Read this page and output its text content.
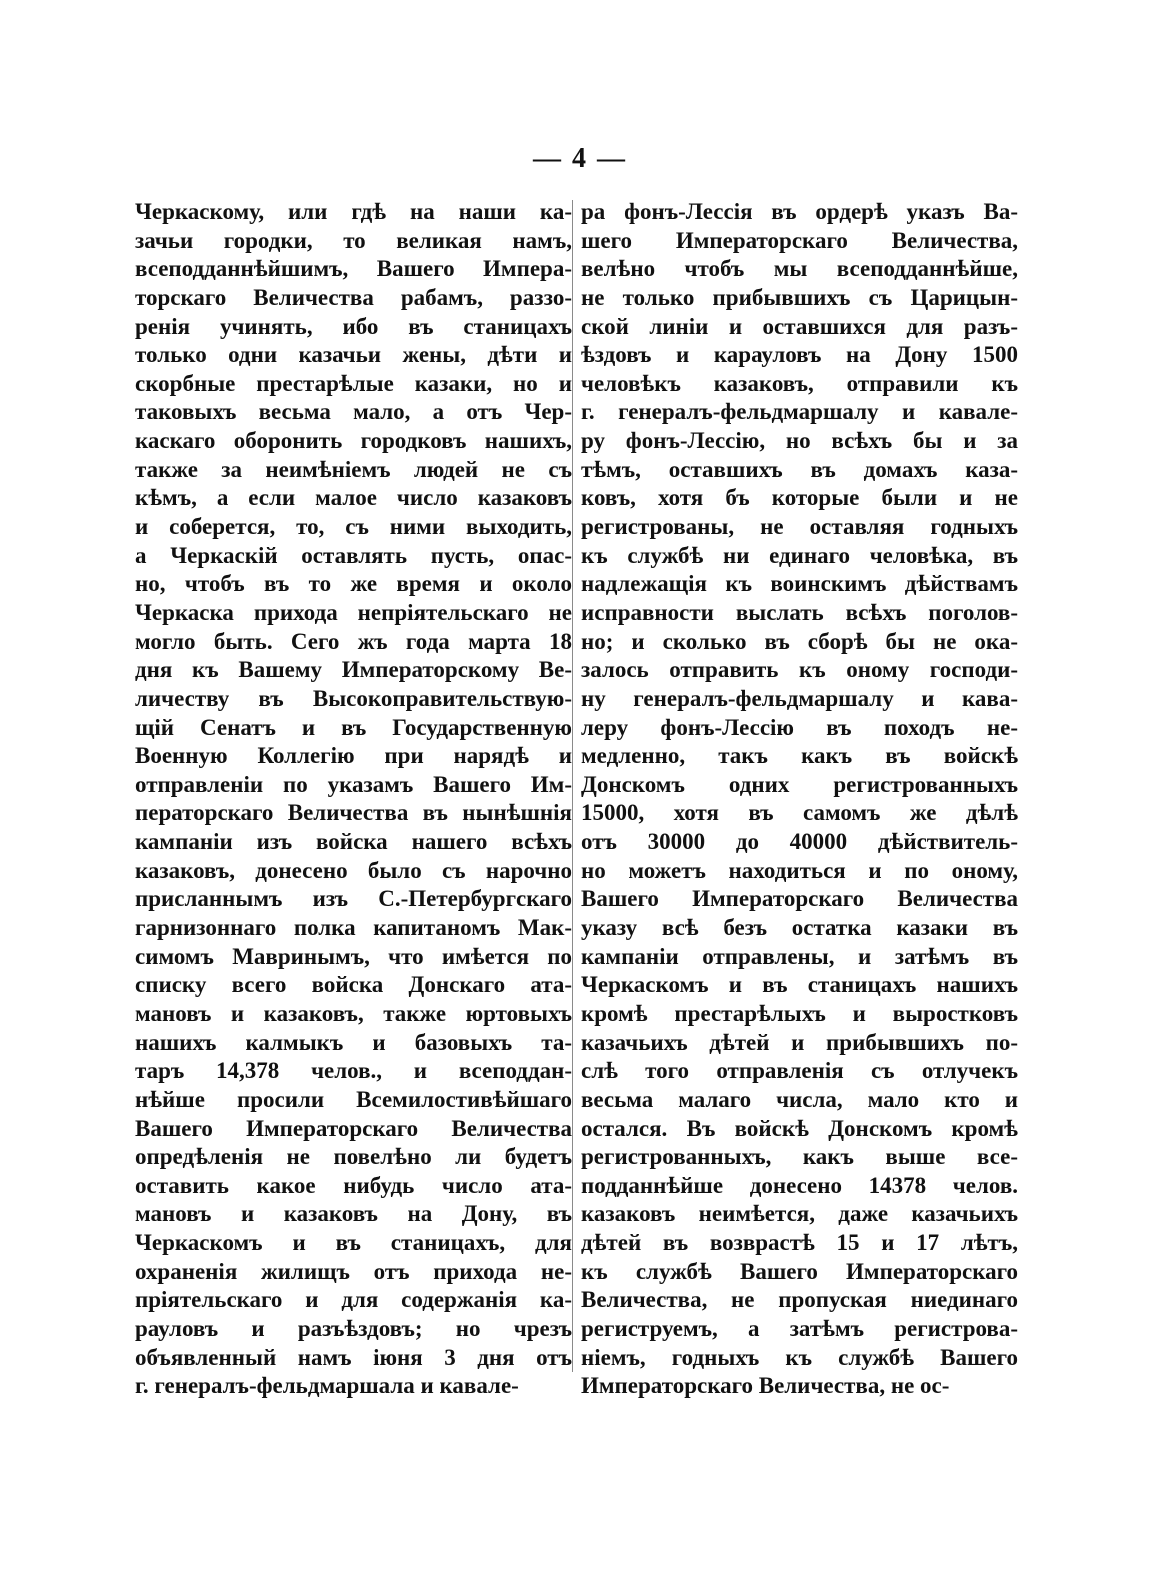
— 4 —
Черкаскому, или гдѣ на наши ка-
зачьи городки, то великая намъ,
всеподданнѣйшимъ, Вашего Импера-
торскаго Величества рабамъ, раззо-
ренія учинять, ибо въ станицахъ
только одни казачьи жены, дѣти и
скорбные престарѣлые казаки, но и
таковыхъ весьма мало, а отъ Чер-
каскаго оборонить городковъ нашихъ,
также за неимѣніемъ людей не съ
кѣмъ, а если малое число казаковъ
и соберется, то, съ ними выходить,
а Черкаскій оставлять пусть, опас-
но, чтобъ въ то же время и около
Черкаска прихода непріятельскаго не
могло быть. Сего жъ года марта 18
дня къ Вашему Императорскому Ве-
личеству въ Высокоправительствую-
щій Сенатъ и въ Государственную
Военную Коллегію при нарядѣ и
отправленіи по указамъ Вашего Им-
ператорскаго Величества въ нынѣшнія
кампаніи изъ войска нашего всѣхъ
казаковъ, донесено было съ нарочно
присланнымъ изъ С.-Петербургскаго
гарнизоннаго полка капитаномъ Мак-
симомъ Мавринымъ, что имѣется по
списку всего войска Донскаго ата-
мановъ и казаковъ, также юртовыхъ
нашихъ калмыкъ и базовыхъ та-
таръ 14,378 челов., и всеподдан-
нѣйше просили Всемилостивѣйшаго
Вашего Императорскаго Величества
опредѣленія не повелѣно ли будетъ
оставить какое нибудь число ата-
мановъ и казаковъ на Дону, въ
Черкаскомъ и въ станицахъ, для
охраненія жилищъ отъ прихода не-
пріятельскаго и для содержанія ка-
рауловъ и разъѣздовъ; но чрезъ
объявленный намъ іюня 3 дня отъ
г. генералъ-фельдмаршала и кавале-
ра фонъ-Лессія въ ордерѣ указъ Ва-
шего Императорскаго Величества,
велѣно чтобъ мы всеподданнѣйше,
не только прибывшихъ съ Царицын-
ской линіи и оставшихся для разъ-
ѣздовъ и карауловъ на Дону 1500
человѣкъ казаковъ, отправили къ
г. генералъ-фельдмаршалу и кавале-
ру фонъ-Лессію, но всѣхъ бы и за
тѣмъ, оставшихъ въ домахъ каза-
ковъ, хотя бъ которые были и не
регистрованы, не оставляя годныхъ
къ службѣ ни единаго человѣка, въ
надлежащія къ воинскимъ дѣйствамъ
исправности выслать всѣхъ поголов-
но; и сколько въ сборѣ бы не ока-
залось отправить къ оному господи-
ну генералъ-фельдмаршалу и кава-
леру фонъ-Лессію въ походъ не-
медленно, такъ какъ въ войскѣ
Донскомъ одних регистрованныхъ
15000, хотя въ самомъ же дѣлѣ
отъ 30000 до 40000 дѣйствитель-
но можетъ находиться и по оному,
Вашего Императорскаго Величества
указу всѣ безъ остатка казаки въ
кампаніи отправлены, и затѣмъ въ
Черкаскомъ и въ станицахъ нашихъ
кромѣ престарѣлыхъ и выростковъ
казачьихъ дѣтей и прибывшихъ по-
слѣ того отправленія съ отлучекъ
весьма малаго числа, мало кто и
остался. Въ войскѣ Донскомъ кромѣ
регистрованныхъ, какъ выше все-
подданнѣйше донесено 14378 челов.
казаковъ неимѣется, даже казачьихъ
дѣтей въ возврастѣ 15 и 17 лѣтъ,
къ службѣ Вашего Императорскаго
Величества, не пропуская ниединаго
региструемъ, а затѣмъ регистрова-
ніемъ, годныхъ къ службѣ Вашего
Императорскаго Величества, не ос-
